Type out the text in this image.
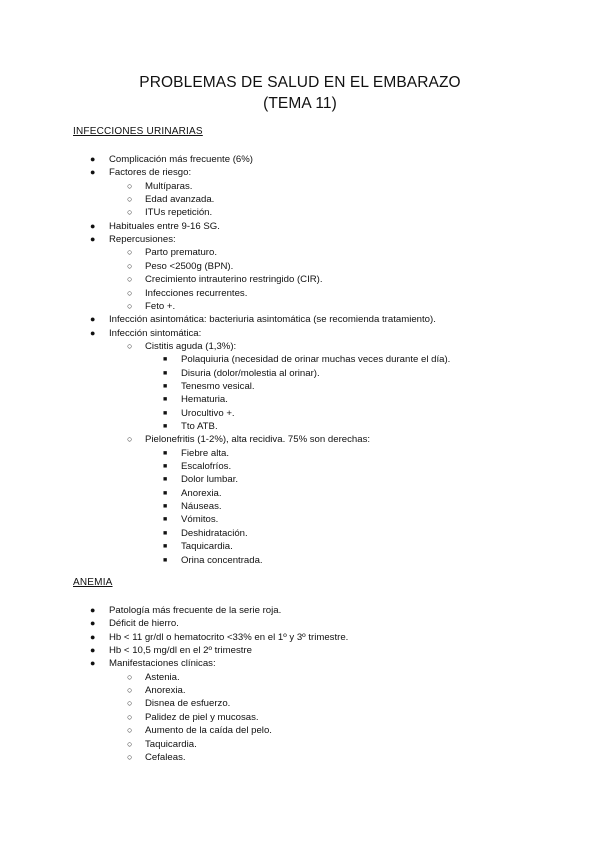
PROBLEMAS DE SALUD EN EL EMBARAZO
(TEMA 11)
INFECCIONES URINARIAS
● Complicación más frecuente (6%)
● Factores de riesgo:
○ Multíparas.
○ Edad avanzada.
○ ITUs repetición.
● Habituales entre 9-16 SG.
● Repercusiones:
○ Parto prematuro.
○ Peso <2500g (BPN).
○ Crecimiento intrauterino restringido (CIR).
○ Infecciones recurrentes.
○ Feto +.
● Infección asintomática: bacteriuria asintomática (se recomienda tratamiento).
● Infección sintomática:
○ Cistitis aguda (1,3%):
■ Polaquiuria (necesidad de orinar muchas veces durante el día).
■ Disuria (dolor/molestia al orinar).
■ Tenesmo vesical.
■ Hematuria.
■ Urocultivo +.
■ Tto ATB.
○ Pielonefritis (1-2%), alta recidiva. 75% son derechas:
■ Fiebre alta.
■ Escalofríos.
■ Dolor lumbar.
■ Anorexia.
■ Náuseas.
■ Vómitos.
■ Deshidratación.
■ Taquicardia.
■ Orina concentrada.
ANEMIA
● Patología más frecuente de la serie roja.
● Déficit de hierro.
● Hb < 11 gr/dl o hematocrito <33% en el 1º y 3º trimestre.
● Hb < 10,5 mg/dl en el 2º trimestre
● Manifestaciones clínicas:
○ Astenia.
○ Anorexia.
○ Disnea de esfuerzo.
○ Palidez de piel y mucosas.
○ Aumento de la caída del pelo.
○ Taquicardia.
○ Cefaleas.
